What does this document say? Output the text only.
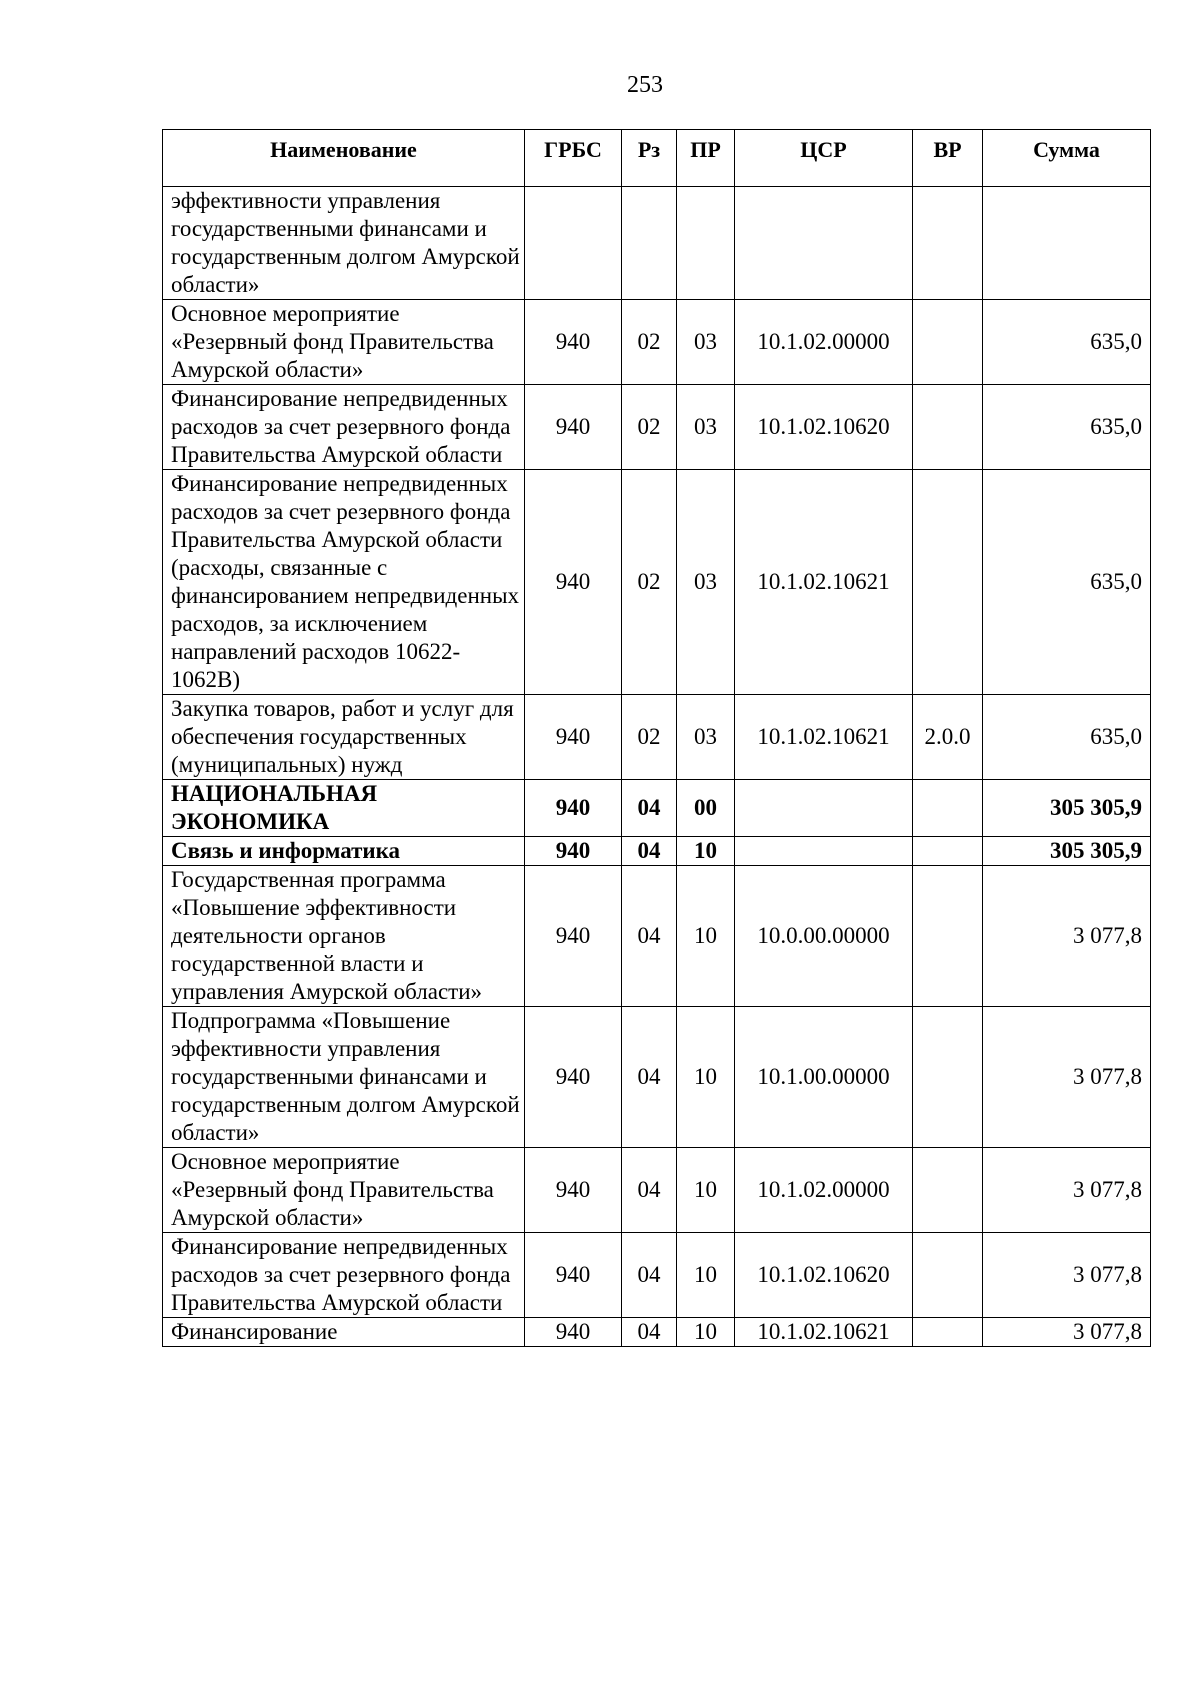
253
Наименование	ГРБС	Рз	ПР	ЦСР	ВР	Сумма
эффективности управления государственными финансами и государственным долгом Амурской области»						
Основное мероприятие «Резервный фонд Правительства Амурской области»	940	02	03	10.1.02.00000		635,0
Финансирование непредвиденных расходов за счет резервного фонда Правительства Амурской области	940	02	03	10.1.02.10620		635,0
Финансирование непредвиденных расходов за счет резервного фонда Правительства Амурской области (расходы, связанные с финансированием непредвиденных расходов, за исключением направлений расходов 10622-1062В)	940	02	03	10.1.02.10621		635,0
Закупка товаров, работ и услуг для обеспечения государственных (муниципальных) нужд	940	02	03	10.1.02.10621	2.0.0	635,0
НАЦИОНАЛЬНАЯ ЭКОНОМИКА	940	04	00			305 305,9
Связь и информатика	940	04	10			305 305,9
Государственная программа «Повышение эффективности деятельности органов государственной власти и управления Амурской области»	940	04	10	10.0.00.00000		3 077,8
Подпрограмма «Повышение эффективности управления государственными финансами и государственным долгом Амурской области»	940	04	10	10.1.00.00000		3 077,8
Основное мероприятие «Резервный фонд Правительства Амурской области»	940	04	10	10.1.02.00000		3 077,8
Финансирование непредвиденных расходов за счет резервного фонда Правительства Амурской области	940	04	10	10.1.02.10620		3 077,8
Финансирование	940	04	10	10.1.02.10621		3 077,8
